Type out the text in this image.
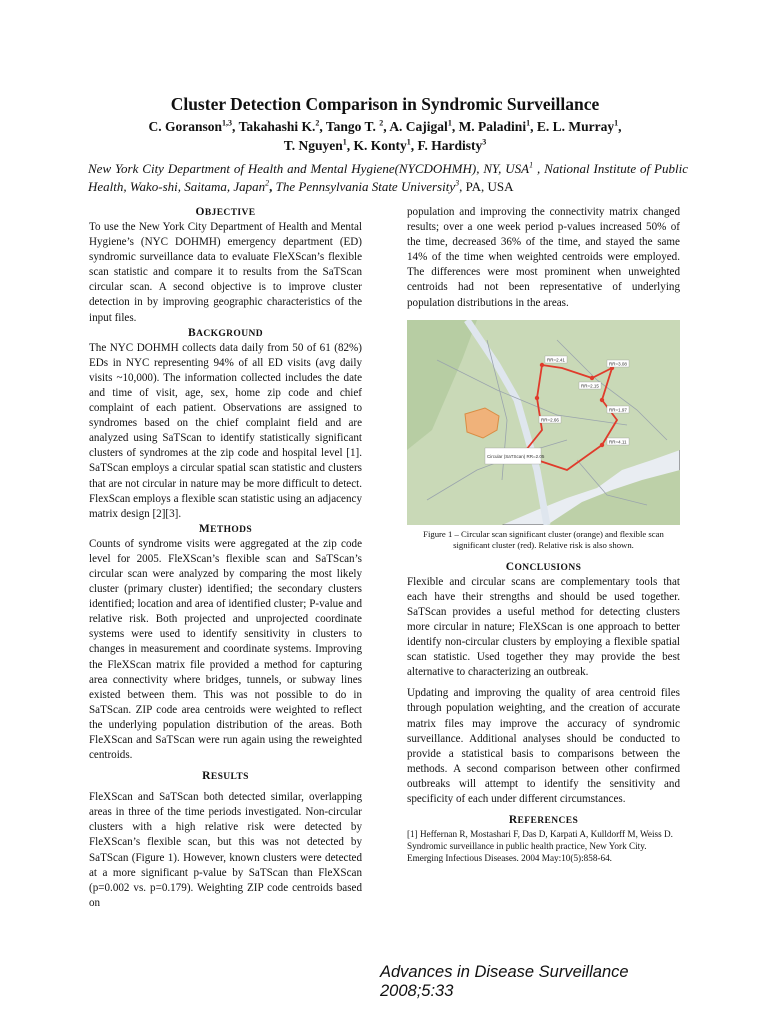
Cluster Detection Comparison in Syndromic Surveillance
C. Goranson$^{1,3}$, Takahashi K.$^2$, Tango T. $^2$, A. Cajigal$^1$, M. Paladini$^1$, E. L. Murray$^1$,
T. Nguyen$^1$, K. Konty$^1$, F. Hardisty$^3$
New York City Department of Health and Mental Hygiene(NYCDOHMH), NY, USA$^1$ , National Institute of Public Health, Wako-shi, Saitama, Japan$^2$, The Pennsylvania State University$^3$, PA, USA
OBJECTIVE

To use the New York City Department of Health and Mental Hygiene’s (NYC DOHMH) emergency department (ED) syndromic surveillance data to evaluate FleXScan’s flexible scan statistic and compare it to results from the SaTScan circular scan. A second objective is to improve cluster detection in by improving geographic characteristics of the input files.

BACKGROUND

The NYC DOHMH collects data daily from 50 of 61 (82%) EDs in NYC representing 94% of all ED visits (avg daily visits ~10,000). The information collected includes the date and time of visit, age, sex, home zip code and chief complaint of each patient. Observations are assigned to syndromes based on the chief complaint field and are analyzed using SaTScan to identify statistically significant clusters of syndromes at the zip code and hospital level [1]. SaTScan employs a circular spatial scan statistic and clusters that are not circular in nature may be more difficult to detect. FlexScan employs a flexible scan statistic using an adjacency matrix design [2][3].

METHODS

Counts of syndrome visits were aggregated at the zip code level for 2005. FleXScan’s flexible scan and SaTScan’s circular scan were analyzed by comparing the most likely cluster (primary cluster) identified; the secondary clusters identified; location and area of identified cluster; P-value and relative risk. Both projected and unprojected coordinate systems were used to identify sensitivity in clusters to changes in measurement and coordinate systems. Improving the FleXScan matrix file provided a method for capturing area connectivity where bridges, tunnels, or subway lines existed between them. This was not possible to do in SaTScan. ZIP code area centroids were weighted to reflect the underlying population distribution of the areas. Both FleXScan and SaTScan were run again using the reweighted centroids.

RESULTS

FleXScan and SaTScan both detected similar, overlapping areas in three of the time periods investigated. Non-circular clusters with a high relative risk were detected by FleXScan’s flexible scan, but this was not detected by SaTScan (Figure 1). However, known clusters were detected at a more significant p-value by SaTScan than FleXScan (p=0.002 vs. p=0.179). Weighting ZIP code centroids based on

population and improving the connectivity matrix changed results; over a one week period p-values increased 50% of the time, decreased 36% of the time, and stayed the same 14% of the time when weighted centroids were employed. The differences were most prominent when unweighted centroids had not been representative of underlying population distributions in the areas.

RR=2.41
RR=3.08
RR=2.15
RR=1.97
RR=2.66
RR=4.11
Circular (SaTScan) RR=2.05

Figure 1 – Circular scan significant cluster (orange) and flexible scan significant cluster (red). Relative risk is also shown.

CONCLUSIONS

Flexible and circular scans are complementary tools that each have their strengths and should be used together. SaTScan provides a useful method for detecting clusters more circular in nature; FleXScan is one approach to better identify non-circular clusters by employing a flexible spatial scan statistic. Used together they may provide the best alternative to characterizing an outbreak.

Updating and improving the quality of area centroid files through population weighting, and the creation of accurate matrix files may improve the accuracy of syndromic surveillance. Additional analyses should be conducted to provide a statistical basis to comparisons between the methods. A second comparison between other confirmed outbreaks will attempt to identify the sensitivity and specificity of each under different circumstances.

REFERENCES

[1] Heffernan R, Mostashari F, Das D, Karpati A, Kulldorff M, Weiss D. Syndromic surveillance in public health practice, New York City. Emerging Infectious Diseases. 2004 May:10(5):858-64.

Advances in Disease Surveillance 2008;5:33
